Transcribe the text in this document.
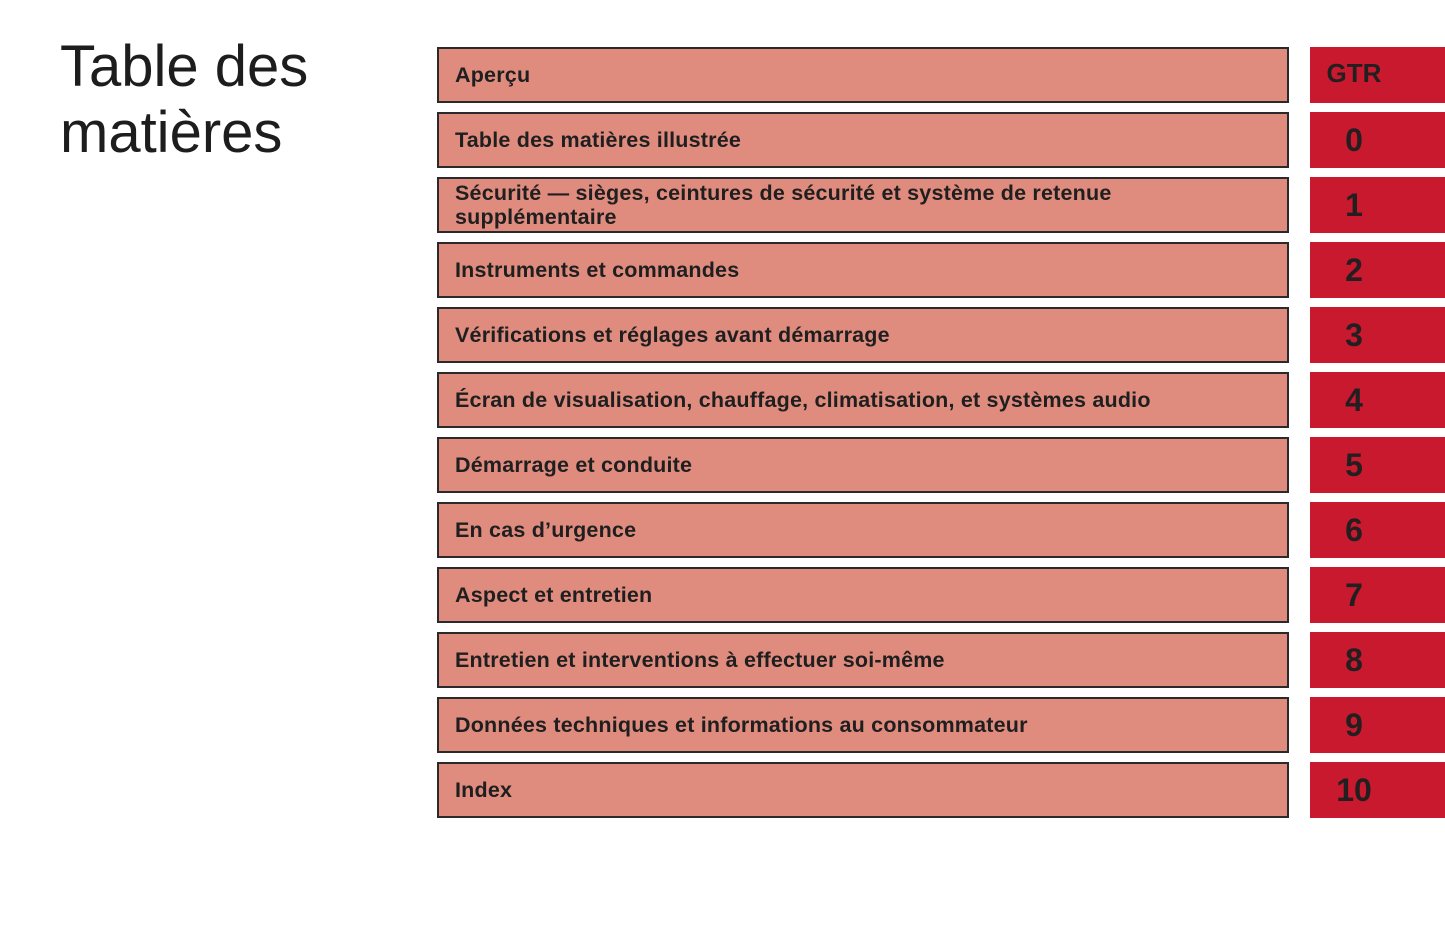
Table des
matières
Aperçu	GTR
Table des matières illustrée	0
Sécurité — sièges, ceintures de sécurité et système de retenue supplémentaire	1
Instruments et commandes	2
Vérifications et réglages avant démarrage	3
Écran de visualisation, chauffage, climatisation, et systèmes audio	4
Démarrage et conduite	5
En cas d’urgence	6
Aspect et entretien	7
Entretien et interventions à effectuer soi-même	8
Données techniques et informations au consommateur	9
Index	10
